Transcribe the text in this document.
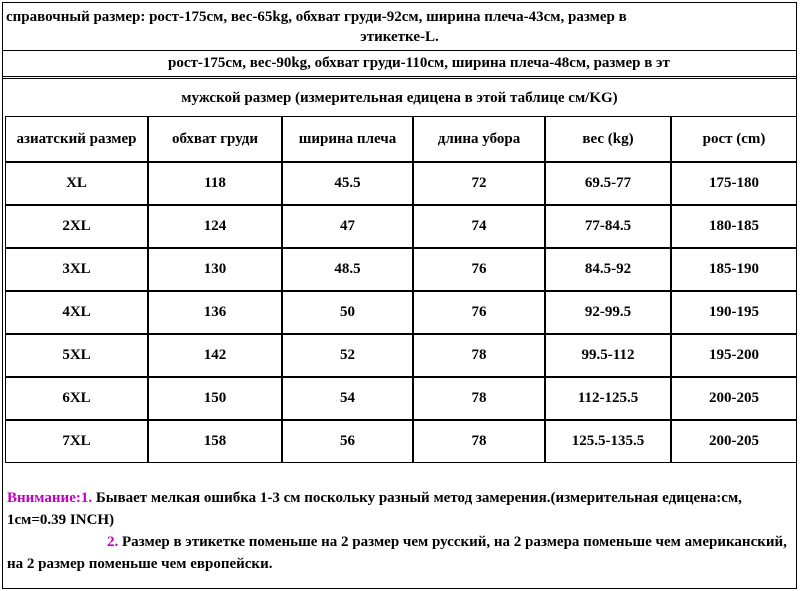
справочный размер: рост-175см, вес-65kg, обхват груди-92см, ширина плеча-43см, размер в
этикетке-L.
рост-175см, вес-90kg, обхват груди-110см, ширина плеча-48см, размер в эт
мужской размер (измерительная едицена в этой таблице см/KG)
азиатский размер	обхват груди	ширина плеча	длина убора	вес (kg)	рост (cm)
XL	118	45.5	72	69.5-77	175-180
2XL	124	47	74	77-84.5	180-185
3XL	130	48.5	76	84.5-92	185-190
4XL	136	50	76	92-99.5	190-195
5XL	142	52	78	99.5-112	195-200
6XL	150	54	78	112-125.5	200-205
7XL	158	56	78	125.5-135.5	200-205
Внимание:1. Бывает мелкая ошибка 1-3 см поскольку разный метод замерения.(измерительная едицена:см, 1см=0.39 INCH)
2. Размер в этикетке поменьше на 2 размер чем русский, на 2 размера поменьше чем американский, на 2 размер поменьше чем европейски.
